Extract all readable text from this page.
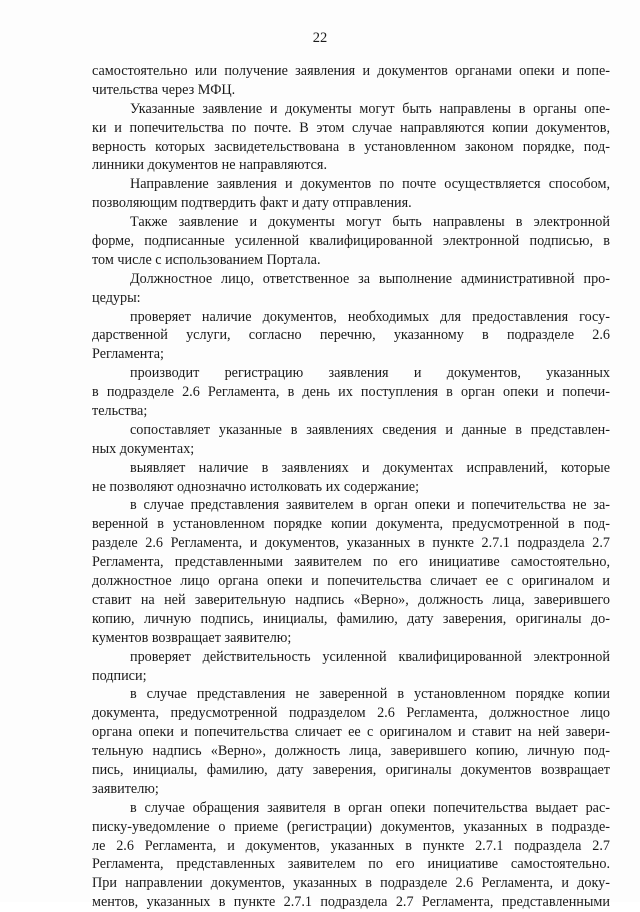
22
самостоятельно или получение заявления и документов органами опеки и попе-
чительства через МФЦ.
Указанные заявление и документы могут быть направлены в органы опе-
ки и попечительства по почте. В этом случае направляются копии документов,
верность которых засвидетельствована в установленном законом порядке, под-
линники документов не направляются.
Направление заявления и документов по почте осуществляется способом,
позволяющим подтвердить факт и дату отправления.
Также заявление и документы могут быть направлены в электронной
форме, подписанные усиленной квалифицированной электронной подписью, в
том числе с использованием Портала.
Должностное лицо, ответственное за выполнение административной про-
цедуры:
проверяет наличие документов, необходимых для предоставления госу-
дарственной услуги, согласно перечню, указанному в подразделе 2.6
Регламента;
производит регистрацию заявления и документов, указанных
в подразделе 2.6 Регламента, в день их поступления в орган опеки и попечи-
тельства;
сопоставляет указанные в заявлениях сведения и данные в представлен-
ных документах;
выявляет наличие в заявлениях и документах исправлений, которые
не позволяют однозначно истолковать их содержание;
в случае представления заявителем в орган опеки и попечительства не за-
веренной в установленном порядке копии документа, предусмотренной в под-
разделе 2.6 Регламента, и документов, указанных в пункте 2.7.1 подраздела 2.7
Регламента, представленными заявителем по его инициативе самостоятельно,
должностное лицо органа опеки и попечительства сличает ее с оригиналом и
ставит на ней заверительную надпись «Верно», должность лица, заверившего
копию, личную подпись, инициалы, фамилию, дату заверения, оригиналы до-
кументов возвращает заявителю;
проверяет действительность усиленной квалифицированной электронной
подписи;
в случае представления не заверенной в установленном порядке копии
документа, предусмотренной подразделом 2.6 Регламента, должностное лицо
органа опеки и попечительства сличает ее с оригиналом и ставит на ней завери-
тельную надпись «Верно», должность лица, заверившего копию, личную под-
пись, инициалы, фамилию, дату заверения, оригиналы документов возвращает
заявителю;
в случае обращения заявителя в орган опеки попечительства выдает рас-
писку-уведомление о приеме (регистрации) документов, указанных в подразде-
ле 2.6 Регламента, и документов, указанных в пункте 2.7.1 подраздела 2.7
Регламента, представленных заявителем по его инициативе самостоятельно.
При направлении документов, указанных в подразделе 2.6 Регламента, и доку-
ментов, указанных в пункте 2.7.1 подраздела 2.7 Регламента, представленными
